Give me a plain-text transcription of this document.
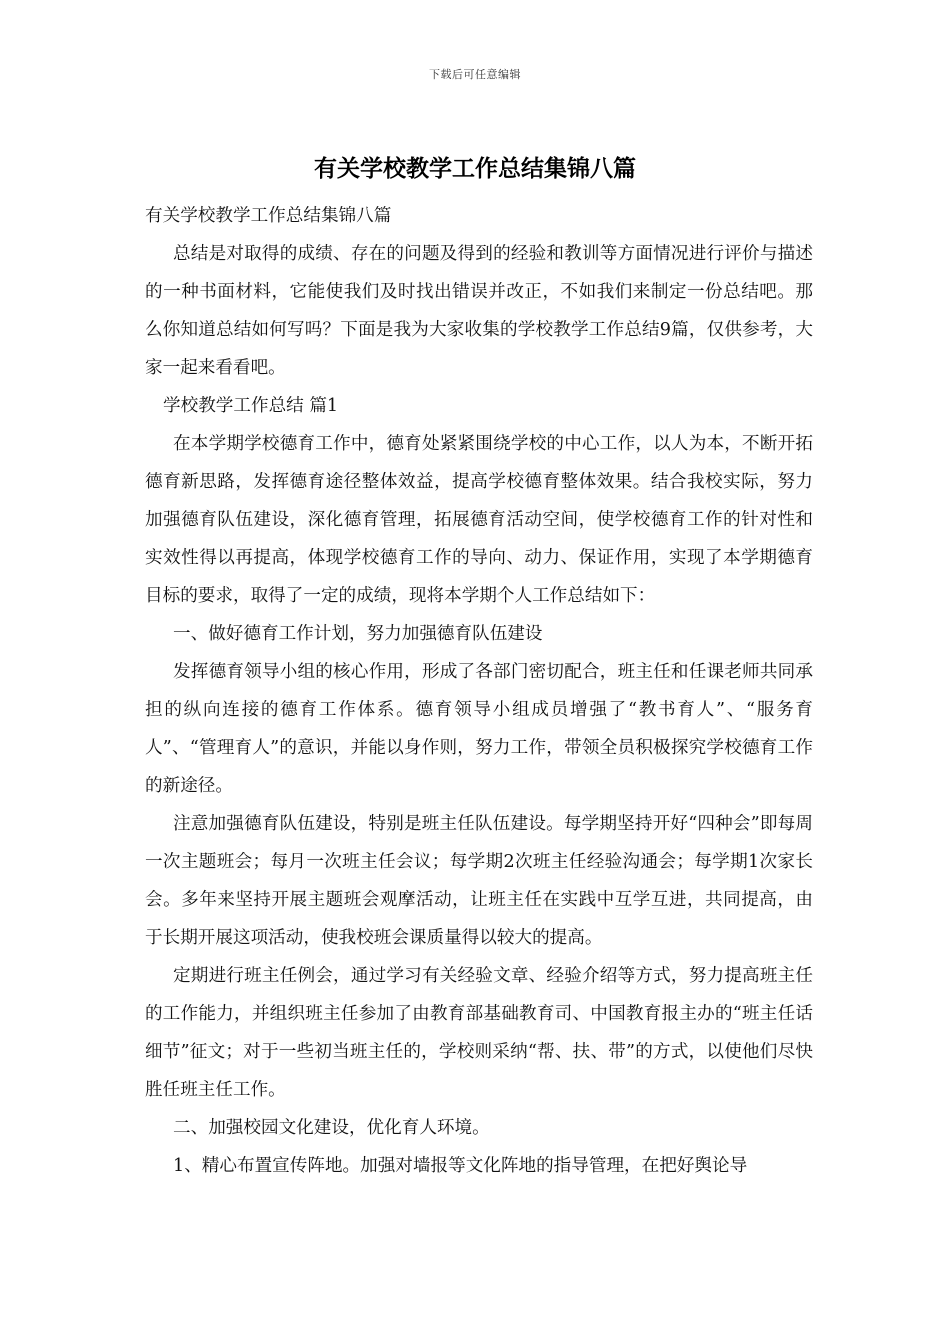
下载后可任意编辑
有关学校教学工作总结集锦八篇

有关学校教学工作总结集锦八篇

总结是对取得的成绩、存在的问题及得到的经验和教训等方面情况进行评价与描述的一种书面材料，它能使我们及时找出错误并改正，不如我们来制定一份总结吧。那么你知道总结如何写吗？下面是我为大家收集的学校教学工作总结9篇，仅供参考，大家一起来看看吧。

学校教学工作总结 篇1

在本学期学校德育工作中，德育处紧紧围绕学校的中心工作，以人为本，不断开拓德育新思路，发挥德育途径整体效益，提高学校德育整体效果。结合我校实际，努力加强德育队伍建设，深化德育管理，拓展德育活动空间，使学校德育工作的针对性和实效性得以再提高，体现学校德育工作的导向、动力、保证作用，实现了本学期德育目标的要求，取得了一定的成绩，现将本学期个人工作总结如下：

一、做好德育工作计划，努力加强德育队伍建设

发挥德育领导小组的核心作用，形成了各部门密切配合，班主任和任课老师共同承担的纵向连接的德育工作体系。德育领导小组成员增强了“教书育人”、“服务育人”、“管理育人”的意识，并能以身作则，努力工作，带领全员积极探究学校德育工作的新途径。

注意加强德育队伍建设，特别是班主任队伍建设。每学期坚持开好“四种会”即每周一次主题班会；每月一次班主任会议；每学期2次班主任经验沟通会；每学期1次家长会。多年来坚持开展主题班会观摩活动，让班主任在实践中互学互进，共同提高，由于长期开展这项活动，使我校班会课质量得以较大的提高。

定期进行班主任例会，通过学习有关经验文章、经验介绍等方式，努力提高班主任的工作能力，并组织班主任参加了由教育部基础教育司、中国教育报主办的“班主任话细节”征文；对于一些初当班主任的，学校则采纳“帮、扶、带”的方式，以使他们尽快胜任班主任工作。

二、加强校园文化建设，优化育人环境。

1、精心布置宣传阵地。加强对墙报等文化阵地的指导管理，在把好舆论导
